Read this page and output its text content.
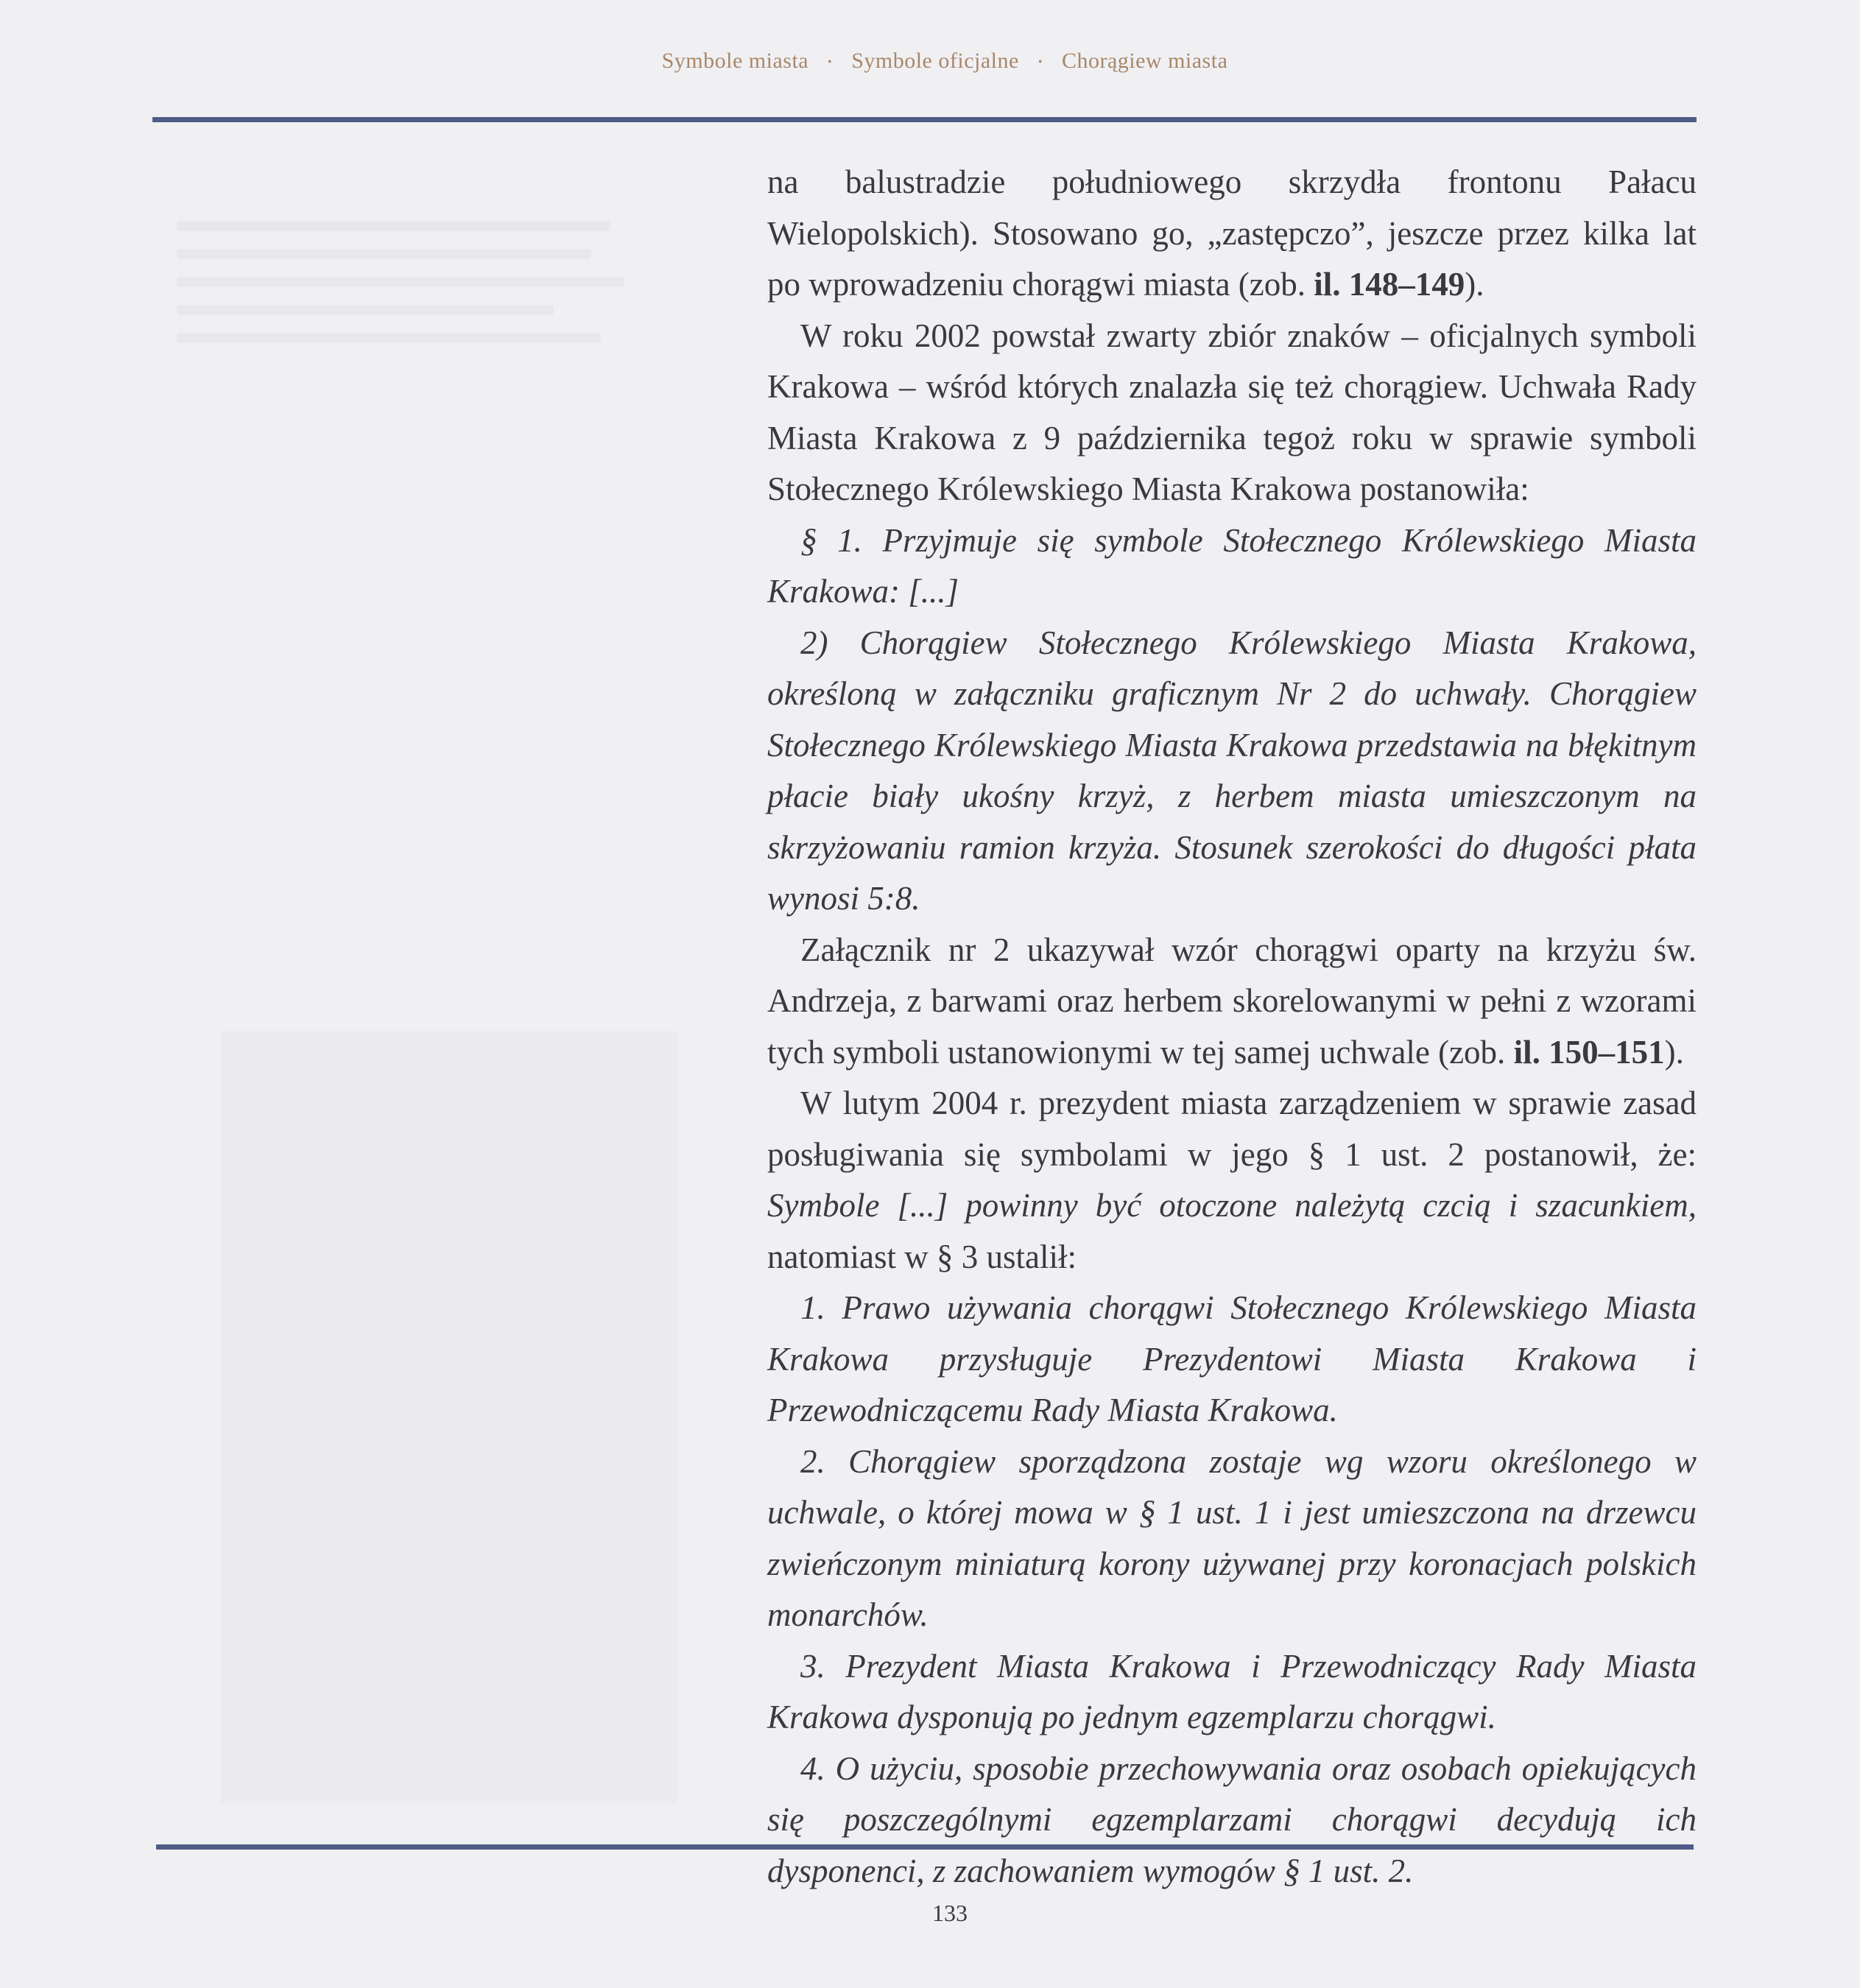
Symbole miasta • Symbole oficjalne • Chorągiew miasta

na balustradzie południowego skrzydła frontonu Pałacu Wielopolskich). Stosowano go, „zastępczo”, jeszcze przez kilka lat po wprowadzeniu chorągwi miasta (zob. il. 148–149).

W roku 2002 powstał zwarty zbiór znaków – oficjalnych symboli Krakowa – wśród których znalazła się też chorągiew. Uchwała Rady Miasta Krakowa z 9 października tegoż roku w sprawie symboli Stołecznego Królewskiego Miasta Krakowa postanowiła:

§ 1. Przyjmuje się symbole Stołecznego Królewskiego Miasta Krakowa: [...]

2) Chorągiew Stołecznego Królewskiego Miasta Krakowa, określoną w załączniku graficznym Nr 2 do uchwały. Chorągiew Stołecznego Królewskiego Miasta Krakowa przedstawia na błękitnym płacie biały ukośny krzyż, z herbem miasta umieszczonym na skrzyżowaniu ramion krzyża. Stosunek szerokości do długości płata wynosi 5:8.

Załącznik nr 2 ukazywał wzór chorągwi oparty na krzyżu św. Andrzeja, z barwami oraz herbem skorelowanymi w pełni z wzorami tych symboli ustanowionymi w tej samej uchwale (zob. il. 150–151).

W lutym 2004 r. prezydent miasta zarządzeniem w sprawie zasad posługiwania się symbolami w jego § 1 ust. 2 postanowił, że: Symbole [...] powinny być otoczone należytą czcią i szacunkiem, natomiast w § 3 ustalił:

1. Prawo używania chorągwi Stołecznego Królewskiego Miasta Krakowa przysługuje Prezydentowi Miasta Krakowa i Przewodniczącemu Rady Miasta Krakowa.

2. Chorągiew sporządzona zostaje wg wzoru określonego w uchwale, o której mowa w § 1 ust. 1 i jest umieszczona na drzewcu zwieńczonym miniaturą korony używanej przy koronacjach polskich monarchów.

3. Prezydent Miasta Krakowa i Przewodniczący Rady Miasta Krakowa dysponują po jednym egzemplarzu chorągwi.

4. O użyciu, sposobie przechowywania oraz osobach opiekujących się poszczególnymi egzemplarzami chorągwi decydują ich dysponenci, z zachowaniem wymogów § 1 ust. 2.

133
